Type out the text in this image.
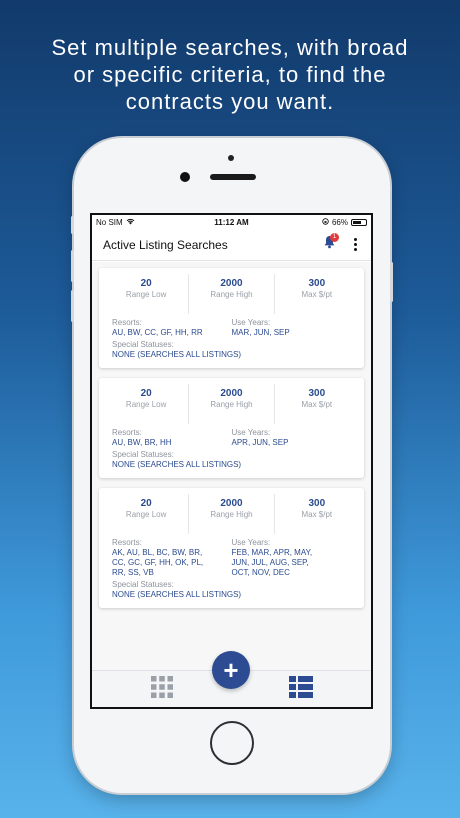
Set multiple searches, with broad
or specific criteria, to find the
contracts you want.
No SIM	11:12 AM	66%
Active Listing Searches
1
20
Range Low
2000
Range High
300
Max $/pt
Resorts:
AU, BW, CC, GF, HH, RR
Use Years:
MAR, JUN, SEP
Special Statuses:
NONE (SEARCHES ALL LISTINGS)
20
Range Low
2000
Range High
300
Max $/pt
Resorts:
AU, BW, BR, HH
Use Years:
APR, JUN, SEP
Special Statuses:
NONE (SEARCHES ALL LISTINGS)
20
Range Low
2000
Range High
300
Max $/pt
Resorts:
AK, AU, BL, BC, BW, BR,
CC, GC, GF, HH, OK, PL,
RR, SS, VB
Use Years:
FEB, MAR, APR, MAY,
JUN, JUL, AUG, SEP,
OCT, NOV, DEC
Special Statuses:
NONE (SEARCHES ALL LISTINGS)
+
